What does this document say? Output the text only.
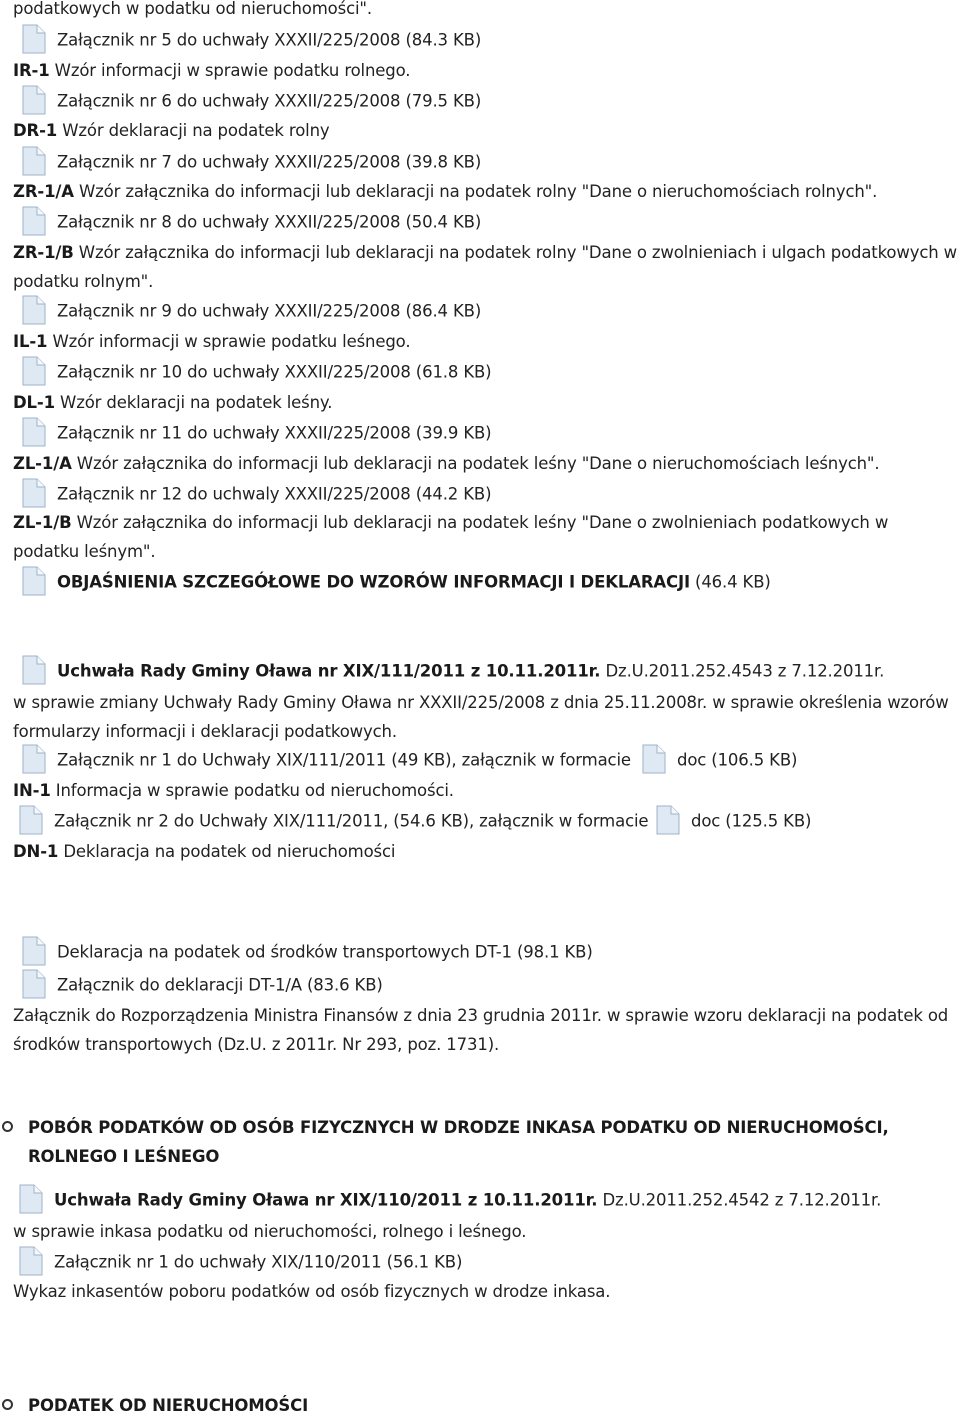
podatkowych w podatku od nieruchomości".
Załącznik nr 5 do uchwały XXXII/225/2008 (84.3 KB)
IR-1 Wzór informacji w sprawie podatku rolnego.
Załącznik nr 6 do uchwały XXXII/225/2008 (79.5 KB)
DR-1 Wzór deklaracji na podatek rolny
Załącznik nr 7 do uchwały XXXII/225/2008 (39.8 KB)
ZR-1/A Wzór załącznika do informacji lub deklaracji na podatek rolny "Dane o nieruchomościach rolnych".
Załącznik nr 8 do uchwały XXXII/225/2008 (50.4 KB)
ZR-1/B Wzór załącznika do informacji lub deklaracji na podatek rolny "Dane o zwolnieniach i ulgach podatkowych w podatku rolnym".
Załącznik nr 9 do uchwały XXXII/225/2008 (86.4 KB)
IL-1 Wzór informacji w sprawie podatku leśnego.
Załącznik nr 10 do uchwały XXXII/225/2008 (61.8 KB)
DL-1 Wzór deklaracji na podatek leśny.
Załącznik nr 11 do uchwały XXXII/225/2008 (39.9 KB)
ZL-1/A Wzór załącznika do informacji lub deklaracji na podatek leśny "Dane o nieruchomościach leśnych".
Załącznik nr 12 do uchwaly XXXII/225/2008 (44.2 KB)
ZL-1/B Wzór załącznika do informacji lub deklaracji na podatek leśny "Dane o zwolnieniach podatkowych w podatku leśnym".
OBJAŚNIENIA SZCZEGÓŁOWE DO WZORÓW INFORMACJI I DEKLARACJI (46.4 KB)
Uchwała Rady Gminy Oława nr XIX/111/2011 z 10.11.2011r. Dz.U.2011.252.4543 z 7.12.2011r.
w sprawie zmiany Uchwały Rady Gminy Oława nr XXXII/225/2008 z dnia 25.11.2008r. w sprawie określenia wzorów formularzy informacji i deklaracji podatkowych.
Załącznik nr 1 do Uchwały XIX/111/2011 (49 KB), załącznik w formacie	doc (106.5 KB)
IN-1 Informacja w sprawie podatku od nieruchomości.
Załącznik nr 2 do Uchwały XIX/111/2011, (54.6 KB), załącznik w formacie	doc (125.5 KB)
DN-1 Deklaracja na podatek od nieruchomości
Deklaracja na podatek od środków transportowych DT-1 (98.1 KB)
Załącznik do deklaracji DT-1/A (83.6 KB)
Załącznik do Rozporządzenia Ministra Finansów z dnia 23 grudnia 2011r. w sprawie wzoru deklaracji na podatek od środków transportowych (Dz.U. z 2011r. Nr 293, poz. 1731).
POBÓR PODATKÓW OD OSÓB FIZYCZNYCH W DRODZE INKASA PODATKU OD NIERUCHOMOŚCI, ROLNEGO I LEŚNEGO
Uchwała Rady Gminy Oława nr XIX/110/2011 z 10.11.2011r. Dz.U.2011.252.4542 z 7.12.2011r.
w sprawie inkasa podatku od nieruchomości, rolnego i leśnego.
Załącznik nr 1 do uchwały XIX/110/2011 (56.1 KB)
Wykaz inkasentów poboru podatków od osób fizycznych w drodze inkasa.
PODATEK OD NIERUCHOMOŚCI
